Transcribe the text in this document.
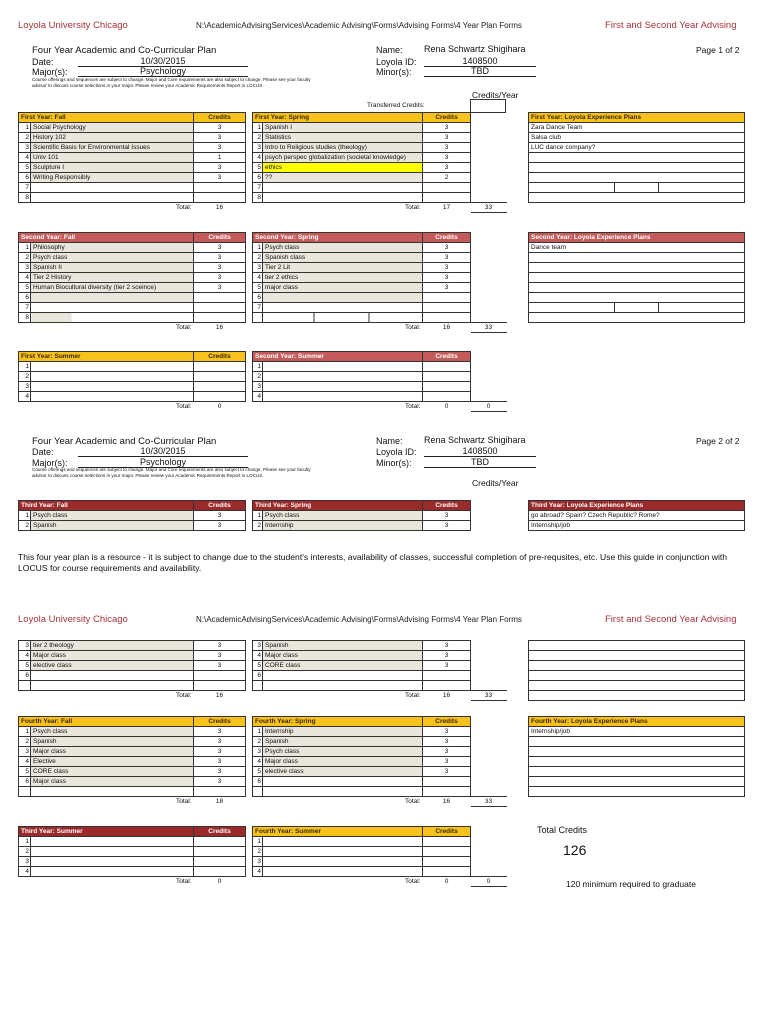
Loyola University Chicago	N:\AcademicAdvisingServices\Academic Advising\Forms\Advising Forms\4 Year Plan Forms	First and Second Year Advising
Four Year Academic and Co-Curricular Plan
Date:	10/30/2015
Major(s):	Psychology
Course offerings and sequences are subject to change. Major and Core requirements are also subject to change. Please see your faculty
advisor to discuss course selections in your major. Please review your Academic Requirements Report in LOCUS.
Name: Rena Schwartz Shigihara
Loyola ID:	1408500
Minor(s):	TBD
Page 1 of 2
Credits/Year
Transferred Credits:
First Year: Fall		Credits
1	Social Psychology	3
2	History 102	3
3	Scientific Basis for Environmental Issues	3
4	Univ 101	1
5	Sculpture I	3
6	Writing Responsibly	3
7		
8		
	Total:	16
First Year: Spring		Credits	
1	Spanish I	3	
2	Statistics	3	
3	Intro to Religious studies (theology)	3	
4	psych perspec globalization (societal knowledge)	3	
5	ethics	3	
6	??	2	
7			
8			
	Total:	17	33
First Year: Loyola Experience Plans
Zara Dance Team
Salsa club
LUC dance company?

Second Year: Fall		Credits
1	Philosophy	3
2	Psych class	3
3	Spanish II	3
4	Tier 2 History	3
5	Human Biocultural diversity (tier 2 sceince)	3
6		
7		
8		
	Total:	16
Second Year: Spring		Credits	
1	Psych class	3	
2	Spanish class	3	
3	Tier 2 Lit	3	
4	tier 2 ethics	3	
5	major class	3	
6			
7			

	Total:	16	33
Second Year: Loyola Experience Plans
Dance team

First Year: Summer		Credits
1		
2		
3		
4		
	Total:	0
Second Year: Summer		Credits	
1			
2			
3			
4			
	Total:	0	0
Four Year Academic and Co-Curricular Plan
Date:	10/30/2015
Major(s):	Psychology
Course offerings and sequences are subject to change. Major and Core requirements are also subject to change. Please see your faculty
advisor to discuss course selections in your major. Please review your Academic Requirements Report in LOCUS.
Name: Rena Schwartz Shigihara
Loyola ID:	1408500
Minor(s):	TBD
Page 2 of 2
Credits/Year
Third Year: Fall		Credits
1	Psych class	3
2	Spanish	3
Third Year: Spring		Credits
1	Psych class	3
2	Internship	3
Third Year: Loyola Experience Plans
go abroad? Spain? Czech Republic? Rome?
Internship/job
This four year plan is a resource - it is subject to change due to the student's interests, availability of classes, successful completion of pre-requsites, etc. Use this guide in conjunction with LOCUS for course requirements and availability.
Loyola University Chicago	N:\AcademicAdvisingServices\Academic Advising\Forms\Advising Forms\4 Year Plan Forms	First and Second Year Advising
3	tier 2 theology	3
4	Major class	3
5	elective class	3
6		

	Total:	16
3	Spanish	3	
4	Major class	3	
5	CORE class	3	
6			

	Total:	16	33

Fourth Year: Fall		Credits
1	Psych class	3
2	Spanish	3
3	Major class	3
4	Elective	3
5	CORE class	3
6	Major class	3

	Total:	18
Fourth Year: Spring		Credits	
1	Internship	3	
2	Spanish	3	
3	Psych class	3	
4	Major class	3	
5	elective class	3	
6			

	Total:	16	33
Fourth Year: Loyola Experience Plans
Internship/job

Third Year: Summer		Credits
1		
2		
3		
4		
	Total:	0
Fourth Year: Summer		Credits	
1			
2			
3			
4			
	Total:	0	0
Total Credits
126
120 minimum required to graduate
